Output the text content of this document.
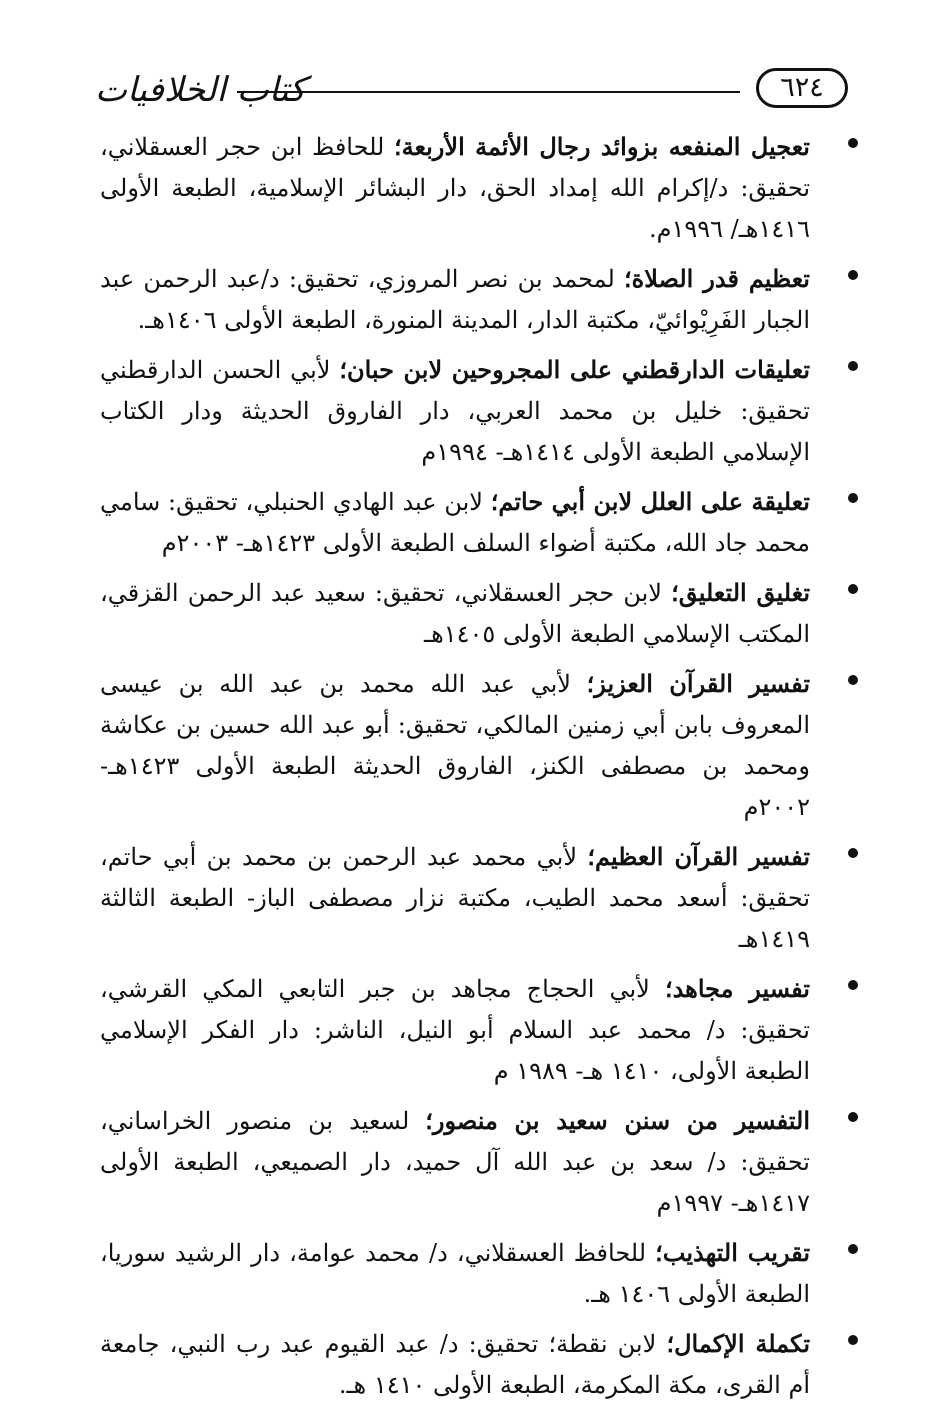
كتاب الخلافيات	٦٢٤
تعجيل المنفعه بزوائد رجال الأئمة الأربعة؛ للحافظ ابن حجر العسقلاني، تحقيق: د/إكرام الله إمداد الحق، دار البشائر الإسلامية، الطبعة الأولى ١٤١٦هـ/ ١٩٩٦م.
تعظيم قدر الصلاة؛ لمحمد بن نصر المروزي، تحقيق: د/عبد الرحمن عبد الجبار الفَرِيْوائيّ، مكتبة الدار، المدينة المنورة، الطبعة الأولى ١٤٠٦هـ.
تعليقات الدارقطني على المجروحين لابن حبان؛ لأبي الحسن الدارقطني تحقيق: خليل بن محمد العربي، دار الفاروق الحديثة ودار الكتاب الإسلامي الطبعة الأولى ١٤١٤هـ- ١٩٩٤م
تعليقة على العلل لابن أبي حاتم؛ لابن عبد الهادي الحنبلي، تحقيق: سامي محمد جاد الله، مكتبة أضواء السلف الطبعة الأولى ١٤٢٣هـ- ٢٠٠٣م
تغليق التعليق؛ لابن حجر العسقلاني، تحقيق: سعيد عبد الرحمن القزقي، المكتب الإسلامي الطبعة الأولى ١٤٠٥هـ
تفسير القرآن العزيز؛ لأبي عبد الله محمد بن عبد الله بن عيسى المعروف بابن أبي زمنين المالكي، تحقيق: أبو عبد الله حسين بن عكاشة ومحمد بن مصطفى الكنز، الفاروق الحديثة الطبعة الأولى ١٤٢٣هـ- ٢٠٠٢م
تفسير القرآن العظيم؛ لأبي محمد عبد الرحمن بن محمد بن أبي حاتم، تحقيق: أسعد محمد الطيب، مكتبة نزار مصطفى الباز- الطبعة الثالثة ١٤١٩هـ
تفسير مجاهد؛ لأبي الحجاج مجاهد بن جبر التابعي المكي القرشي، تحقيق: د/ محمد عبد السلام أبو النيل، الناشر: دار الفكر الإسلامي الطبعة الأولى، ١٤١٠ هـ- ١٩٨٩ م
التفسير من سنن سعيد بن منصور؛ لسعيد بن منصور الخراساني، تحقيق: د/ سعد بن عبد الله آل حميد، دار الصميعي، الطبعة الأولى ١٤١٧هـ- ١٩٩٧م
تقريب التهذيب؛ للحافظ العسقلاني، د/ محمد عوامة، دار الرشيد سوريا، الطبعة الأولى ١٤٠٦ هـ.
تكملة الإكمال؛ لابن نقطة؛ تحقيق: د/ عبد القيوم عبد رب النبي، جامعة أم القرى، مكة المكرمة، الطبعة الأولى ١٤١٠ هـ.
